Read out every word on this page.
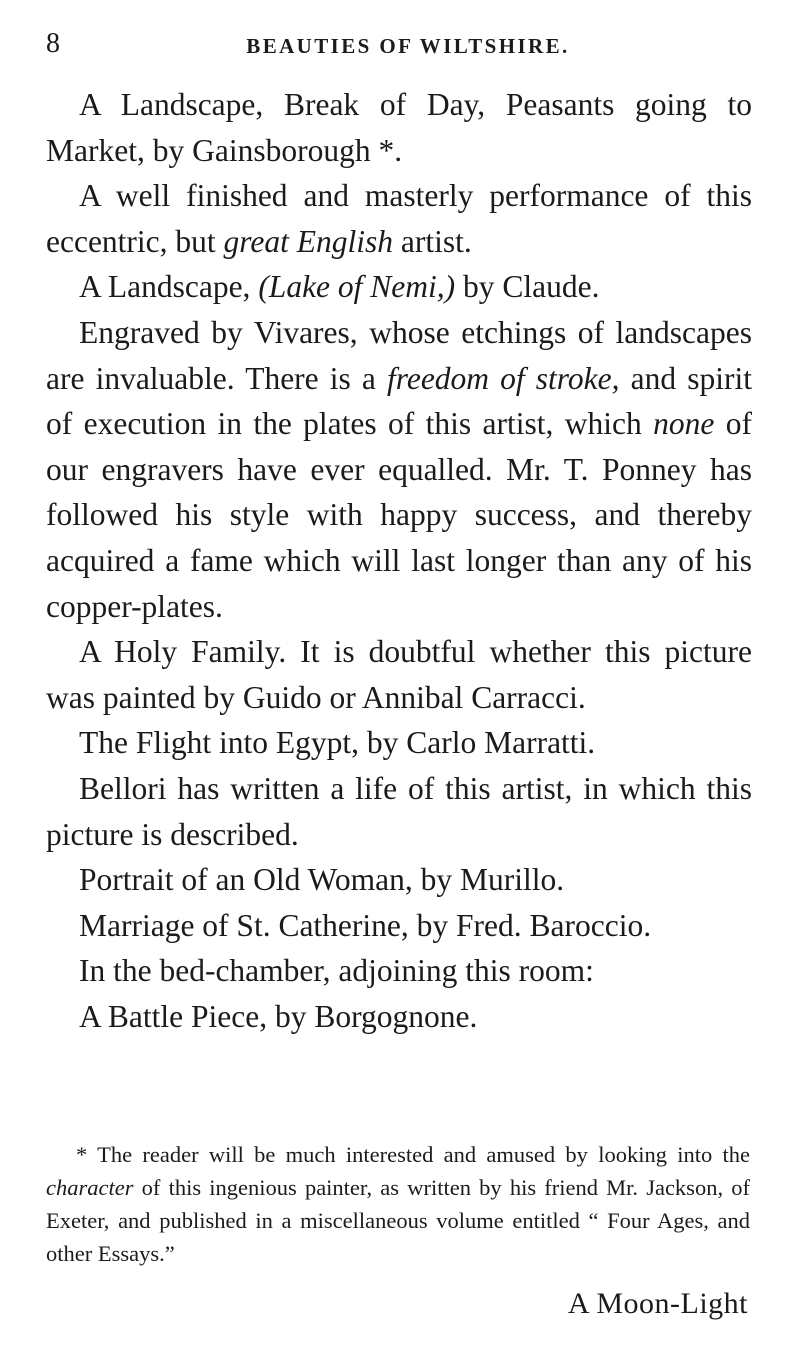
8	BEAUTIES OF WILTSHIRE.

A Landscape, Break of Day, Peasants going to Market, by Gainsborough *.

A well finished and masterly performance of this eccentric, but great English artist.

A Landscape, (Lake of Nemi,) by Claude.

Engraved by Vivares, whose etchings of landscapes are invaluable. There is a freedom of stroke, and spirit of execution in the plates of this artist, which none of our engravers have ever equalled. Mr. T. Ponney has followed his style with happy success, and thereby acquired a fame which will last longer than any of his copper-plates.

A Holy Family. It is doubtful whether this picture was painted by Guido or Annibal Carracci.

The Flight into Egypt, by Carlo Marratti.

Bellori has written a life of this artist, in which this picture is described.

Portrait of an Old Woman, by Murillo.

Marriage of St. Catherine, by Fred. Baroccio.

In the bed-chamber, adjoining this room:

A Battle Piece, by Borgognone.

* The reader will be much interested and amused by looking into the character of this ingenious painter, as written by his friend Mr. Jackson, of Exeter, and published in a miscellaneous volume entitled “ Four Ages, and other Essays.”

A Moon-Light
